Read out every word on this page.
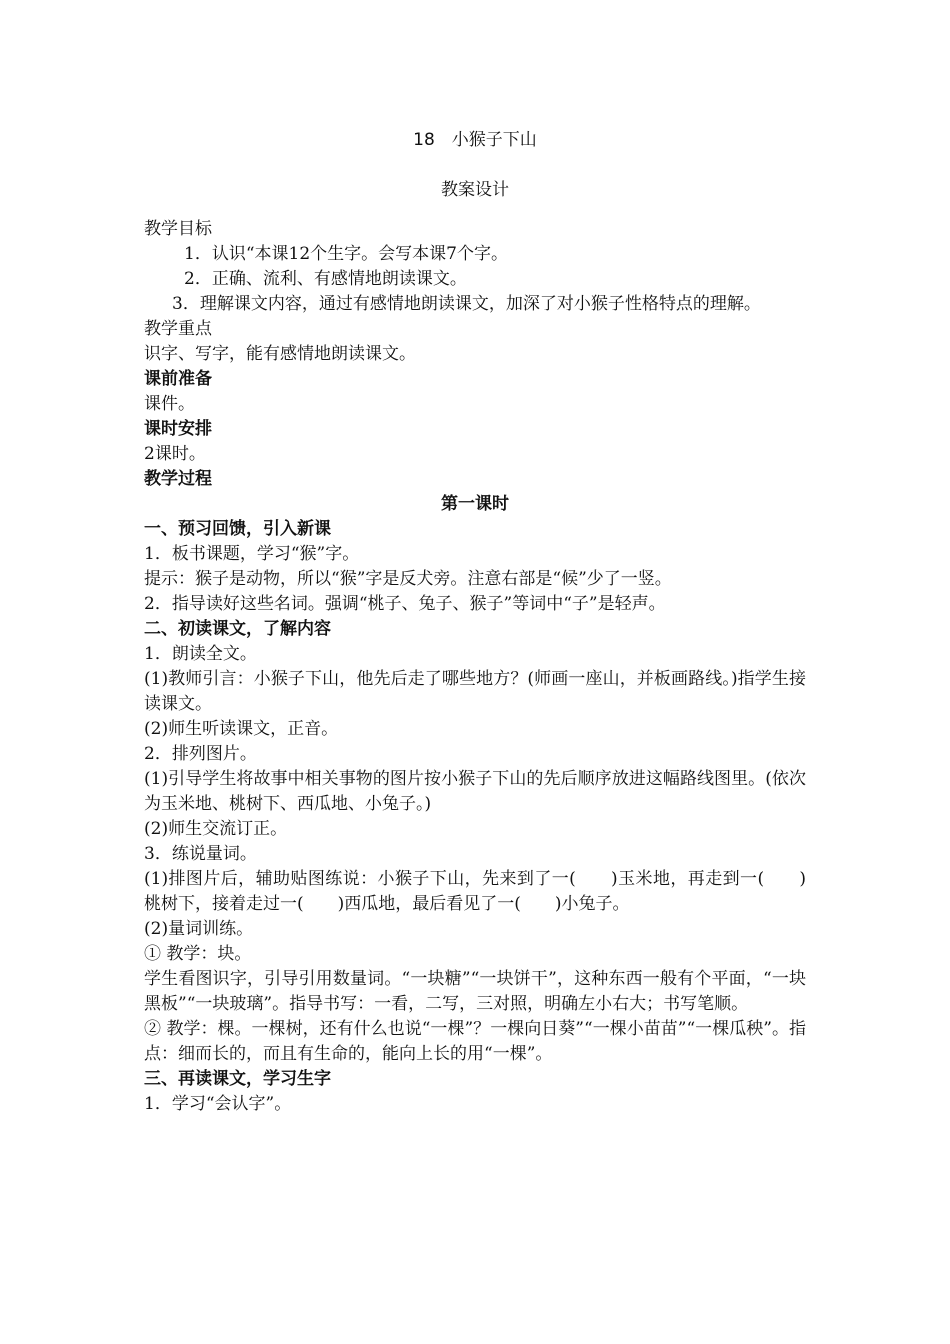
18　小猴子下山
教案设计

教学目标

1．认识“本课12个生字。会写本课7个字。

2．正确、流利、有感情地朗读课文。

3．理解课文内容，通过有感情地朗读课文，加深了对小猴子性格特点的理解。

教学重点

识字、写字，能有感情地朗读课文。

课前准备

课件。

课时安排

2课时。

教学过程

第一课时

一、预习回馈，引入新课

1．板书课题，学习“猴”字。

提示：猴子是动物，所以“猴”字是反犬旁。注意右部是“候”少了一竖。

2．指导读好这些名词。强调“桃子、兔子、猴子”等词中“子”是轻声。

二、初读课文，了解内容

1．朗读全文。

(1)教师引言：小猴子下山，他先后走了哪些地方？(师画一座山，并板画路线。)指学生接读课文。

(2)师生听读课文，正音。

2．排列图片。

(1)引导学生将故事中相关事物的图片按小猴子下山的先后顺序放进这幅路线图里。(依次为玉米地、桃树下、西瓜地、小兔子。)

(2)师生交流订正。

3．练说量词。

(1)排图片后，辅助贴图练说：小猴子下山，先来到了一(　　)玉米地，再走到一(　　)桃树下，接着走过一(　　)西瓜地，最后看见了一(　　)小兔子。

(2)量词训练。

① 教学：块。

学生看图识字，引导引用数量词。“一块糖”“一块饼干”，这种东西一般有个平面，“一块黑板”“一块玻璃”。指导书写：一看，二写，三对照，明确左小右大；书写笔顺。

② 教学：棵。一棵树，还有什么也说“一棵”？一棵向日葵”“一棵小苗苗”“一棵瓜秧”。指点：细而长的，而且有生命的，能向上长的用“一棵”。

三、再读课文，学习生字

1．学习“会认字”。
